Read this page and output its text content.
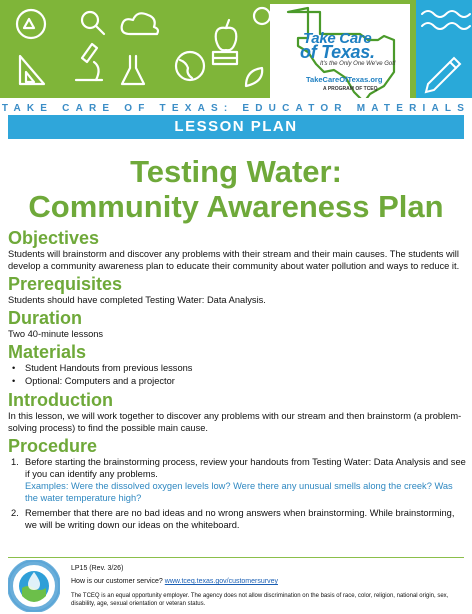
Take Care
of Texas.
It's the Only One We've Got!
TakeCareOfTexas.org
A PROGRAM OF TCEQ
TAKE CARE OF TEXAS: EDUCATOR MATERIALS
LESSON PLAN
Testing Water:
Community Awareness Plan
Objectives

Students will brainstorm and discover any problems with their stream and their main causes. The students will develop a community awareness plan to educate their community about water pollution and ways to reduce it.

Prerequisites

Students should have completed Testing Water: Data Analysis.

Duration

Two 40-minute lessons

Materials
• Student Handouts from previous lessons
• Optional: Computers and a projector
Introduction

In this lesson, we will work together to discover any problems with our stream and then brainstorm (a problem-solving process) to find the possible main cause.

Procedure
1. Before starting the brainstorming process, review your handouts from Testing Water: Data Analysis and see if you can identify any problems.
Examples: Were the dissolved oxygen levels low? Were there any unusual smells along the creek? Was the water temperature high?
2. Remember that there are no bad ideas and no wrong answers when brainstorming. While brainstorming, we will be writing down our ideas on the whiteboard.
LP15 (Rev. 3/26)
How is our customer service? www.tceq.texas.gov/customersurvey
The TCEQ is an equal opportunity employer. The agency does not allow discrimination on the basis of race, color, religion, national origin, sex, disability, age, sexual orientation or veteran status.
